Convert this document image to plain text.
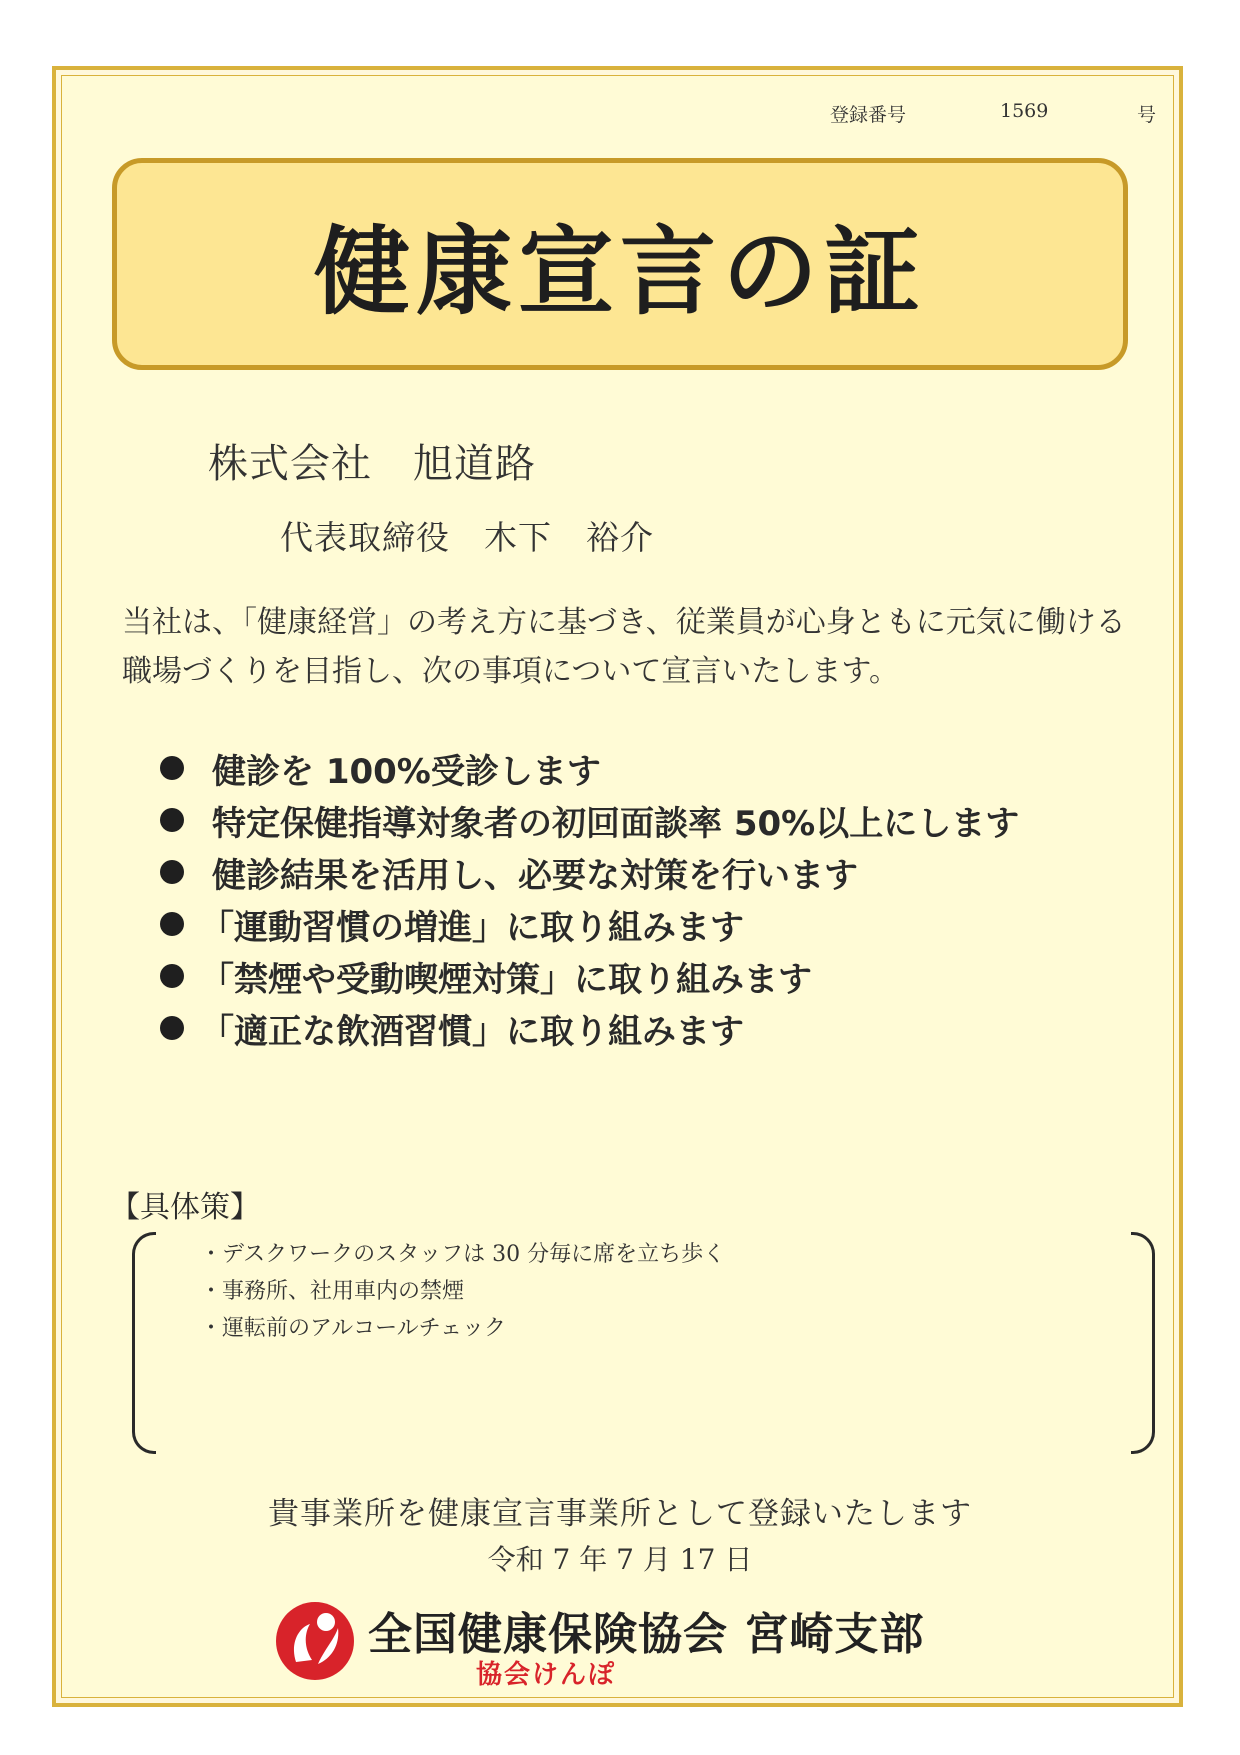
登録番号	1569	号
健康宣言の証
株式会社　旭道路
代表取締役　木下　裕介
当社は、「健康経営」の考え方に基づき、従業員が心身ともに元気に働ける職場づくりを目指し、次の事項について宣言いたします。
健診を 100%受診します
特定保健指導対象者の初回面談率 50%以上にします
健診結果を活用し、必要な対策を行います
「運動習慣の増進」に取り組みます
「禁煙や受動喫煙対策」に取り組みます
「適正な飲酒習慣」に取り組みます
【具体策】
・デスクワークのスタッフは 30 分毎に席を立ち歩く
・事務所、社用車内の禁煙
・運転前のアルコールチェック
貴事業所を健康宣言事業所として登録いたします
令和 7 年 7 月 17 日
全国健康保険協会 宮崎支部
協会けんぽ
